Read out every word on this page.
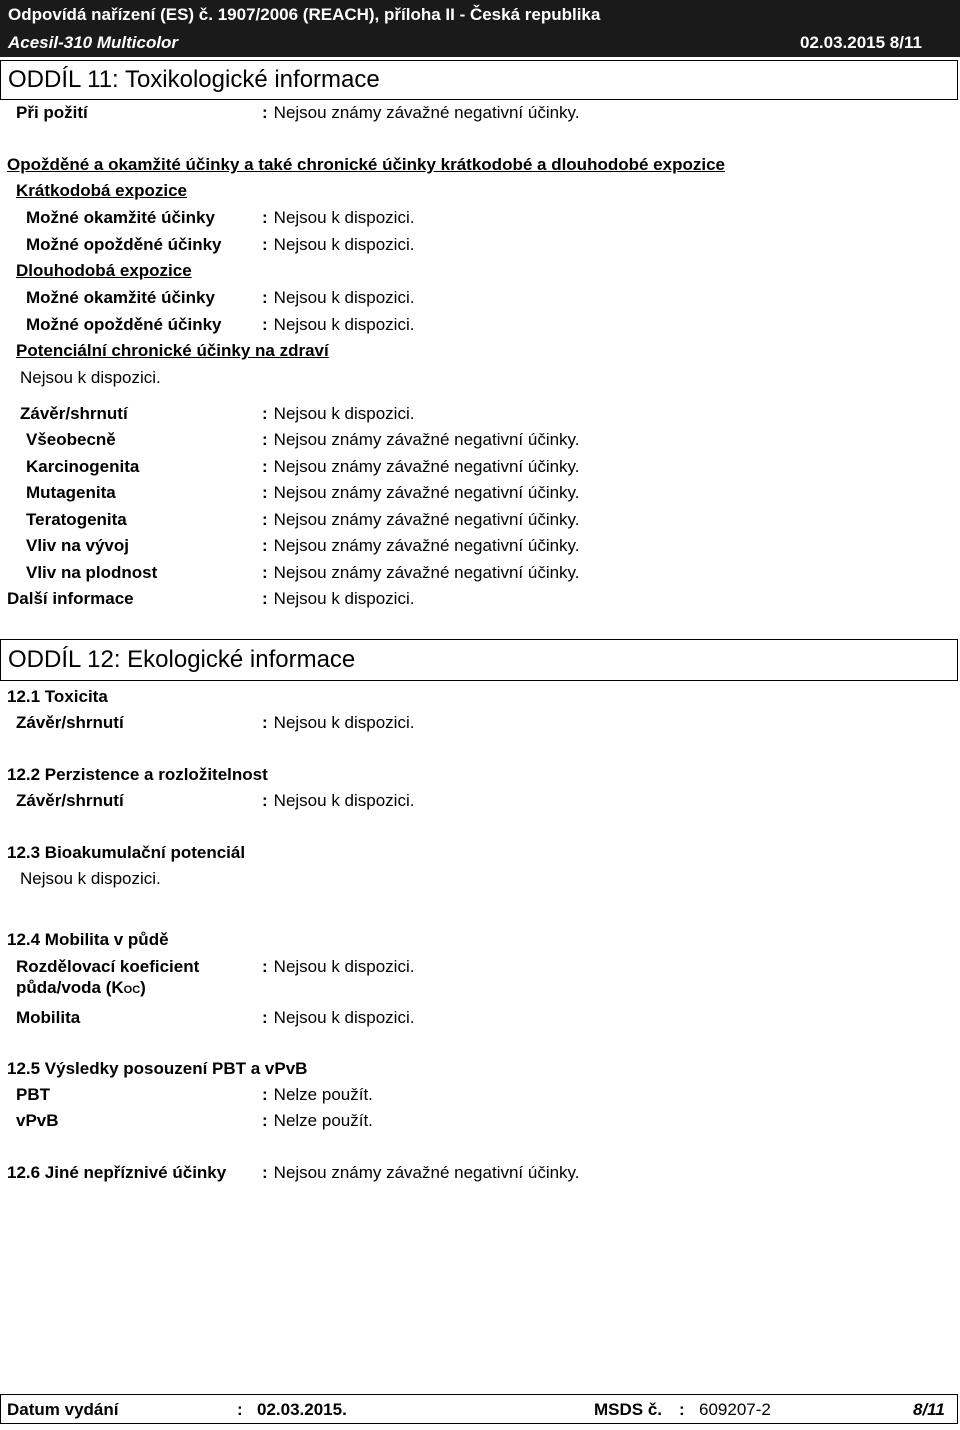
Odpovídá nařízení (ES) č. 1907/2006 (REACH), příloha II - Česká republika
Acesil-310 Multicolor	02.03.2015 8/11
ODDÍL 11: Toxikologické informace
Při požití	: Nejsou známy závažné negativní účinky.
Opožděné a okamžité účinky a také chronické účinky krátkodobé a dlouhodobé expozice
Krátkodobá expozice
Možné okamžité účinky	: Nejsou k dispozici.
Možné opožděné účinky : Nejsou k dispozici.
Dlouhodobá expozice
Možné okamžité účinky	: Nejsou k dispozici.
Možné opožděné účinky : Nejsou k dispozici.
Potenciální chronické účinky na zdraví
Nejsou k dispozici.
Závěr/shrnutí	: Nejsou k dispozici.
Všeobecně	: Nejsou známy závažné negativní účinky.
Karcinogenita	: Nejsou známy závažné negativní účinky.
Mutagenita	: Nejsou známy závažné negativní účinky.
Teratogenita	: Nejsou známy závažné negativní účinky.
Vliv na vývoj	: Nejsou známy závažné negativní účinky.
Vliv na plodnost	: Nejsou známy závažné negativní účinky.
Další informace	: Nejsou k dispozici.
ODDÍL 12: Ekologické informace
12.1 Toxicita
Závěr/shrnutí	: Nejsou k dispozici.
12.2 Perzistence a rozložitelnost
Závěr/shrnutí	: Nejsou k dispozici.
12.3 Bioakumulační potenciál
Nejsou k dispozici.
12.4 Mobilita v půdě
Rozdělovací koeficient
půda/voda (KOC)
: Nejsou k dispozici.
Mobilita	: Nejsou k dispozici.
12.5 Výsledky posouzení PBT a vPvB
PBT	: Nelze použít.
vPvB	: Nelze použít.
12.6 Jiné nepříznivé účinky : Nejsou známy závažné negativní účinky.
Datum vydání	: 02.03.2015.	MSDS č. : 609207-2	8/11
